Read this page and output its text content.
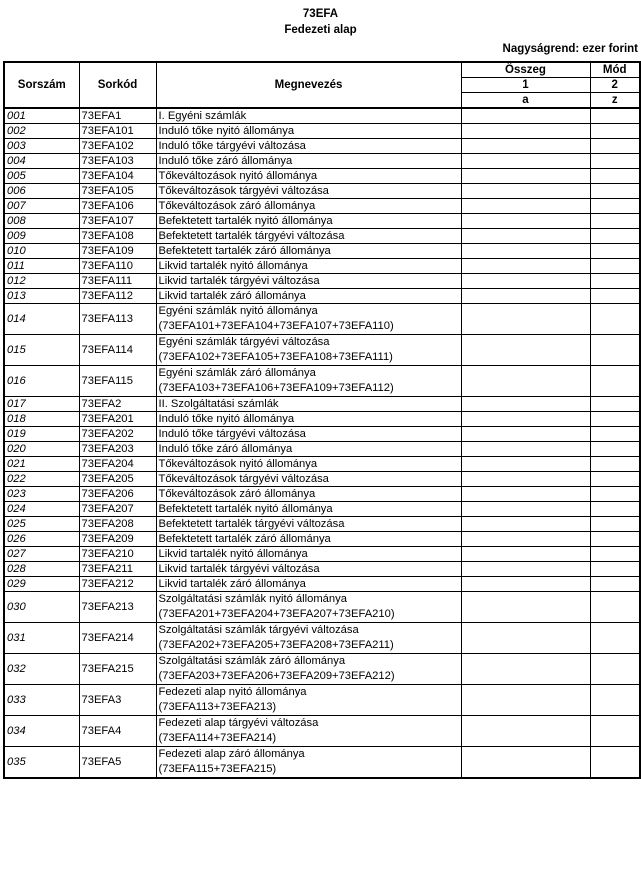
73EFA
Fedezeti alap
Nagyságrend: ezer forint
Sorszám	Sorkód	Megnevezés	Összeg	Mód
			1	2
			a	z
001	73EFA1	I. Egyéni számlák		
002	73EFA101	Induló tőke nyitó állománya		
003	73EFA102	Induló tőke tárgyévi változása		
004	73EFA103	Induló tőke záró állománya		
005	73EFA104	Tőkeváltozások nyitó állománya		
006	73EFA105	Tőkeváltozások tárgyévi változása		
007	73EFA106	Tőkeváltozások záró állománya		
008	73EFA107	Befektetett tartalék nyitó állománya		
009	73EFA108	Befektetett tartalék tárgyévi változása		
010	73EFA109	Befektetett tartalék záró állománya		
011	73EFA110	Likvid tartalék nyitó állománya		
012	73EFA111	Likvid tartalék tárgyévi változása		
013	73EFA112	Likvid tartalék záró állománya		
014	73EFA113	Egyéni számlák nyitó állománya
(73EFA101+73EFA104+73EFA107+73EFA110)		
015	73EFA114	Egyéni számlák tárgyévi változása
(73EFA102+73EFA105+73EFA108+73EFA111)		
016	73EFA115	Egyéni számlák záró állománya
(73EFA103+73EFA106+73EFA109+73EFA112)		
017	73EFA2	II. Szolgáltatási számlák		
018	73EFA201	Induló tőke nyitó állománya		
019	73EFA202	Induló tőke tárgyévi változása		
020	73EFA203	Induló tőke záró állománya		
021	73EFA204	Tőkeváltozások nyitó állománya		
022	73EFA205	Tőkeváltozások tárgyévi változása		
023	73EFA206	Tőkeváltozások záró állománya		
024	73EFA207	Befektetett tartalék nyitó állománya		
025	73EFA208	Befektetett tartalék tárgyévi változása		
026	73EFA209	Befektetett tartalék záró állománya		
027	73EFA210	Likvid tartalék nyitó állománya		
028	73EFA211	Likvid tartalék tárgyévi változása		
029	73EFA212	Likvid tartalék záró állománya		
030	73EFA213	Szolgáltatási számlák nyitó állománya
(73EFA201+73EFA204+73EFA207+73EFA210)		
031	73EFA214	Szolgáltatási számlák tárgyévi változása
(73EFA202+73EFA205+73EFA208+73EFA211)		
032	73EFA215	Szolgáltatási számlák záró állománya
(73EFA203+73EFA206+73EFA209+73EFA212)		
033	73EFA3	Fedezeti alap nyitó állománya
(73EFA113+73EFA213)		
034	73EFA4	Fedezeti alap tárgyévi változása
(73EFA114+73EFA214)		
035	73EFA5	Fedezeti alap záró állománya
(73EFA115+73EFA215)		
